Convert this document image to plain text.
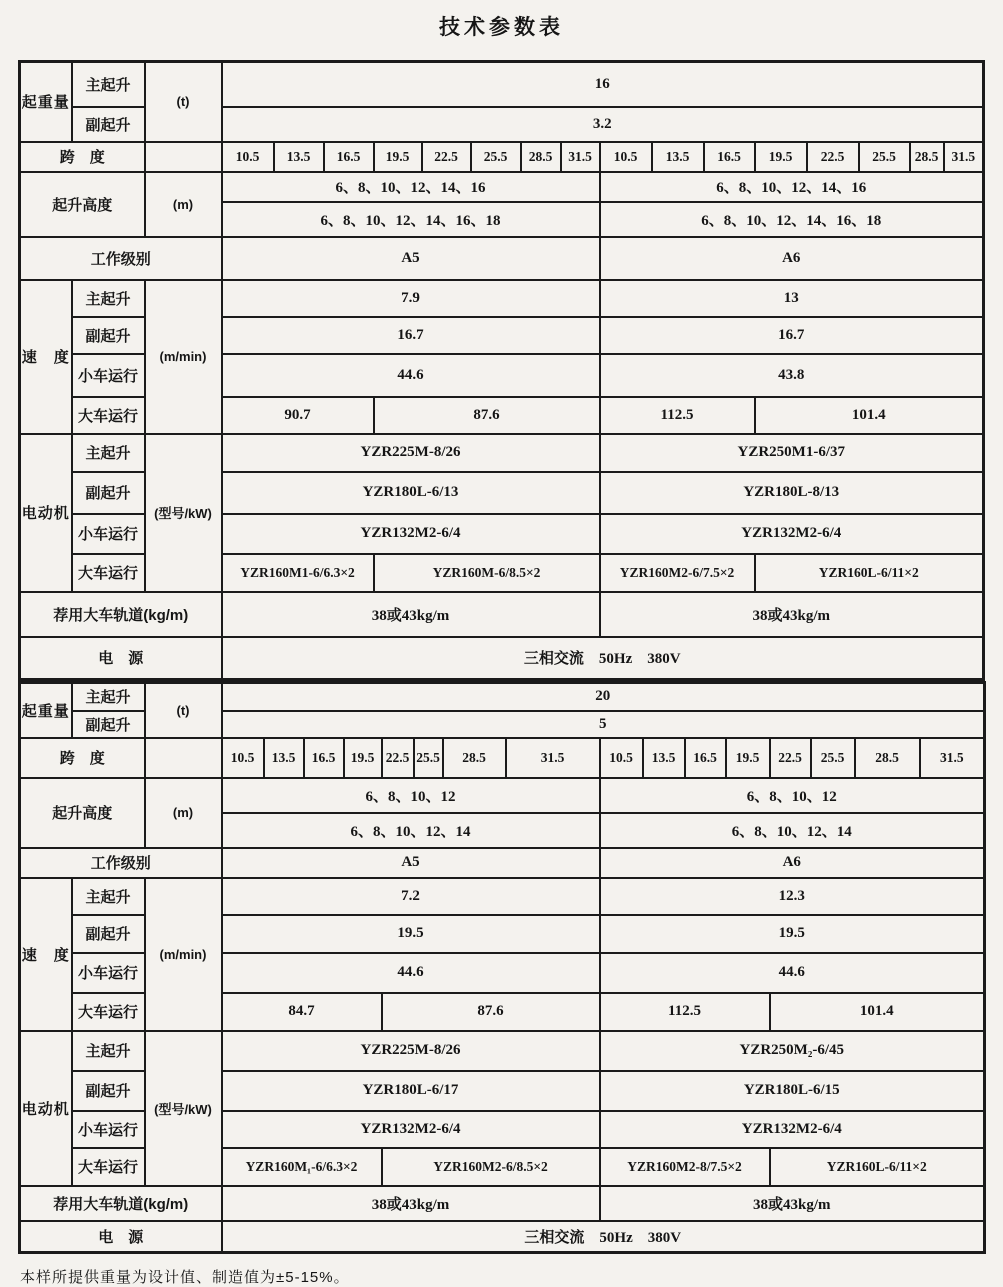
技术参数表
起重量	主起升	(t)	16															
	副起升		3.2															
跨　度			10.5	13.5	16.5	19.5	22.5	25.5	28.5	31.5	10.5	13.5	16.5	19.5	22.5	25.5	28.5	31.5
起升高度		(m)	6、8、10、12、14、16								6、8、10、12、14、16							
			6、8、10、12、14、16、18								6、8、10、12、14、16、18							
工作级别			A5								A6							
速　度	主起升	(m/min)	7.9								13							
	副起升		16.7								16.7							
	小车运行		44.6								43.8							
	大车运行		90.7			87.6					112.5			101.4				
电动机	主起升	(型号/kW)	YZR225M-8/26								YZR250M1-6/37							
	副起升		YZR180L-6/13								YZR180L-8/13							
	小车运行		YZR132M2-6/4								YZR132M2-6/4							
	大车运行		YZR160M1-6/6.3×2			YZR160M-6/8.5×2					YZR160M2-6/7.5×2			YZR160L-6/11×2				
荐用大车轨道(kg/m)			38或43kg/m								38或43kg/m							
电　源			三相交流　50Hz　380V															
起重量	主起升	(t)	20															
	副起升		5															
跨　度			10.5	13.5	16.5	19.5	22.5	25.5	28.5	31.5	10.5	13.5	16.5	19.5	22.5	25.5	28.5	31.5
起升高度		(m)	6、8、10、12								6、8、10、12							
			6、8、10、12、14								6、8、10、12、14							
工作级别			A5								A6							
速　度	主起升	(m/min)	7.2								12.3							
	副起升		19.5								19.5							
	小车运行		44.6								44.6							
	大车运行		84.7				87.6				112.5				101.4			
电动机	主起升	(型号/kW)	YZR225M-8/26								YZR250M₂-6/45							
	副起升		YZR180L-6/17								YZR180L-6/15							
	小车运行		YZR132M2-6/4								YZR132M2-6/4							
	大车运行		YZR160M₁-6/6.3×2				YZR160M2-6/8.5×2				YZR160M2-8/7.5×2				YZR160L-6/11×2			
荐用大车轨道(kg/m)			38或43kg/m								38或43kg/m							
电　源			三相交流　50Hz　380V															
本样所提供重量为设计值、制造值为±5-15%。
